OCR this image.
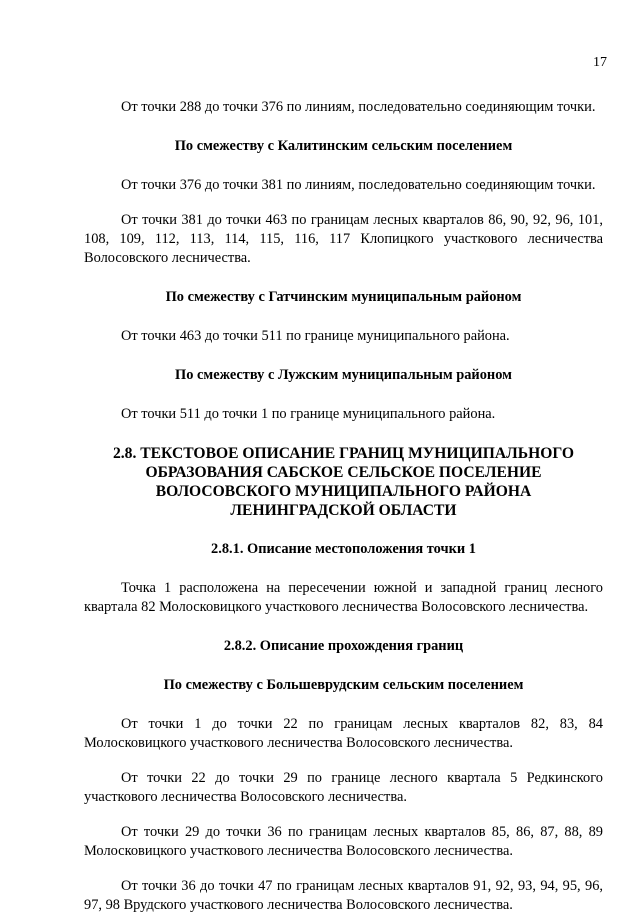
17

От точки 288 до точки 376 по линиям, последовательно соединяющим точки.

По смежеству с Калитинским сельским поселением

От точки 376 до точки 381 по линиям, последовательно соединяющим точки.

От точки 381 до точки 463 по границам лесных кварталов 86, 90, 92, 96, 101, 108, 109, 112, 113, 114, 115, 116, 117 Клопицкого участкового лесничества Волосовского лесничества.

По смежеству с Гатчинским муниципальным районом

От точки 463 до точки 511 по границе муниципального района.

По смежеству с Лужским муниципальным районом

От точки 511 до точки 1 по границе муниципального района.

2.8. ТЕКСТОВОЕ ОПИСАНИЕ ГРАНИЦ МУНИЦИПАЛЬНОГО ОБРАЗОВАНИЯ САБСКОЕ СЕЛЬСКОЕ ПОСЕЛЕНИЕ ВОЛОСОВСКОГО МУНИЦИПАЛЬНОГО РАЙОНА ЛЕНИНГРАДСКОЙ ОБЛАСТИ

2.8.1. Описание местоположения точки 1

Точка 1 расположена на пересечении южной и западной границ лесного квартала 82 Молосковицкого участкового лесничества Волосовского лесничества.

2.8.2. Описание прохождения границ

По смежеству с Большеврудским сельским поселением

От точки 1 до точки 22 по границам лесных кварталов 82, 83, 84 Молосковицкого участкового лесничества Волосовского лесничества.

От точки 22 до точки 29 по границе лесного квартала 5 Редкинского участкового лесничества Волосовского лесничества.

От точки 29 до точки 36 по границам лесных кварталов 85, 86, 87, 88, 89 Молосковицкого участкового лесничества Волосовского лесничества.

От точки 36 до точки 47 по границам лесных кварталов 91, 92, 93, 94, 95, 96, 97, 98 Врудского участкового лесничества Волосовского лесничества.
